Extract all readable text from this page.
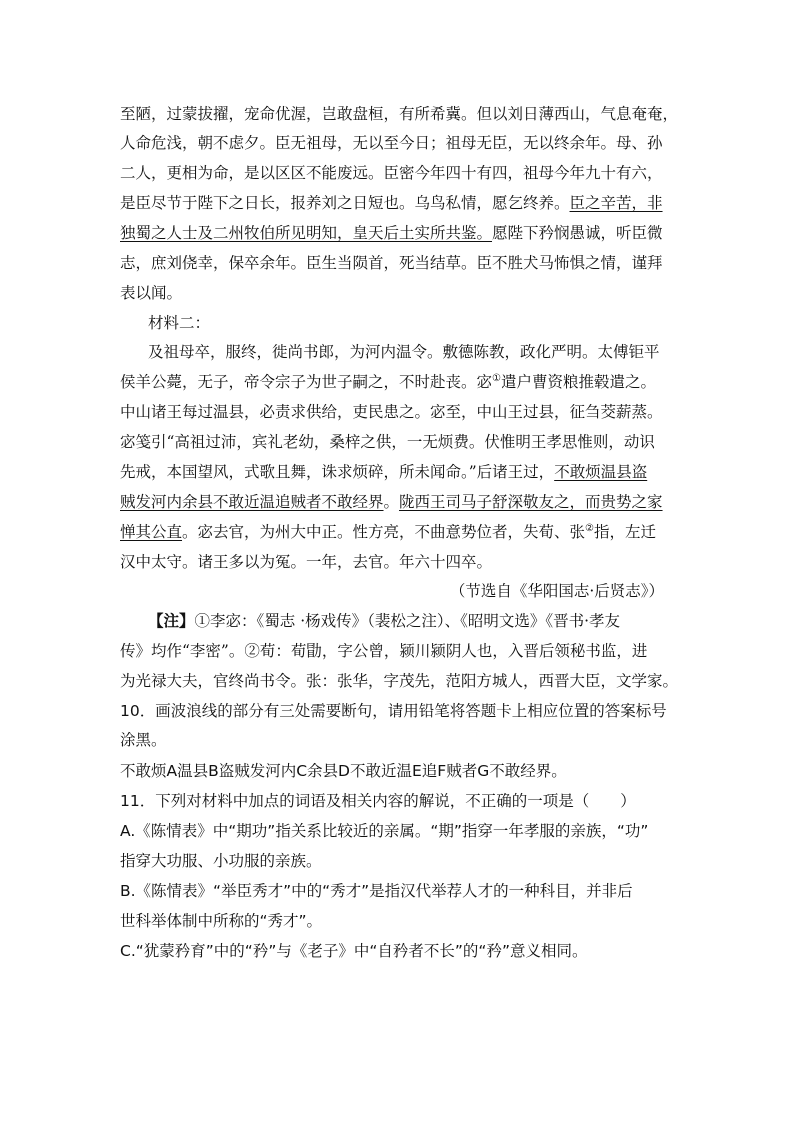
至陋，过蒙拔擢，宠命优渥，岂敢盘桓，有所希冀。但以刘日薄西山，气息奄奄，
人命危浅，朝不虑夕。臣无祖母，无以至今日；祖母无臣，无以终余年。母、孙
二人，更相为命，是以区区不能废远。臣密今年四十有四，祖母今年九十有六，
是臣尽节于陛下之日长，报养刘之日短也。乌鸟私情，愿乞终养。臣之辛苦，非
独蜀之人士及二州牧伯所见明知，皇天后土实所共鉴。愿陛下矜悯愚诚，听臣微
志，庶刘侥幸，保卒余年。臣生当陨首，死当结草。臣不胜犬马怖惧之情，谨拜
表以闻。
材料二：
及祖母卒，服终，徙尚书郎，为河内温令。敷德陈教，政化严明。太傅钜平
侯羊公薨，无子，帝令宗子为世子嗣之，不时赴丧。宓①遣户曹资粮推毂遣之。
中山诸王每过温县，必责求供给，吏民患之。宓至，中山王过县，征刍茭薪蒸。
宓笺引“高祖过沛，宾礼老幼，桑梓之供，一无烦费。伏惟明王孝思惟则，动识
先戒，本国望风，式歌且舞，诛求烦碎，所未闻命。”后诸王过，不敢烦温县盗
贼发河内余县不敢近温追贼者不敢经界。陇西王司马子舒深敬友之，而贵势之家
惮其公直。宓去官，为州大中正。性方亮，不曲意势位者，失荀、张②指，左迁
汉中太守。诸王多以为冤。一年，去官。年六十四卒。
（节选自《华阳国志·后贤志》）
【注】①李宓：《蜀志 ·杨戏传》（裴松之注）、《昭明文选》《晋书·孝友
传》均作“李密”。②荀：荀勖，字公曾，颍川颍阴人也，入晋后领秘书监，进
为光禄大夫，官终尚书令。张：张华，字茂先，范阳方城人，西晋大臣，文学家。
10．画波浪线的部分有三处需要断句，请用铅笔将答题卡上相应位置的答案标号
涂黑。
不敢烦A温县B盗贼发河内C余县D不敢近温E追F贼者G不敢经界。
11．下列对材料中加点的词语及相关内容的解说，不正确的一项是（　　）
A.《陈情表》中“期功”指关系比较近的亲属。“期”指穿一年孝服的亲族，“功”
指穿大功服、小功服的亲族。
B.《陈情表》“举臣秀才”中的“秀才”是指汉代举荐人才的一种科目，并非后
世科举体制中所称的“秀才”。
C.“犹蒙矜育”中的“矜”与《老子》中“自矜者不长”的“矜”意义相同。
